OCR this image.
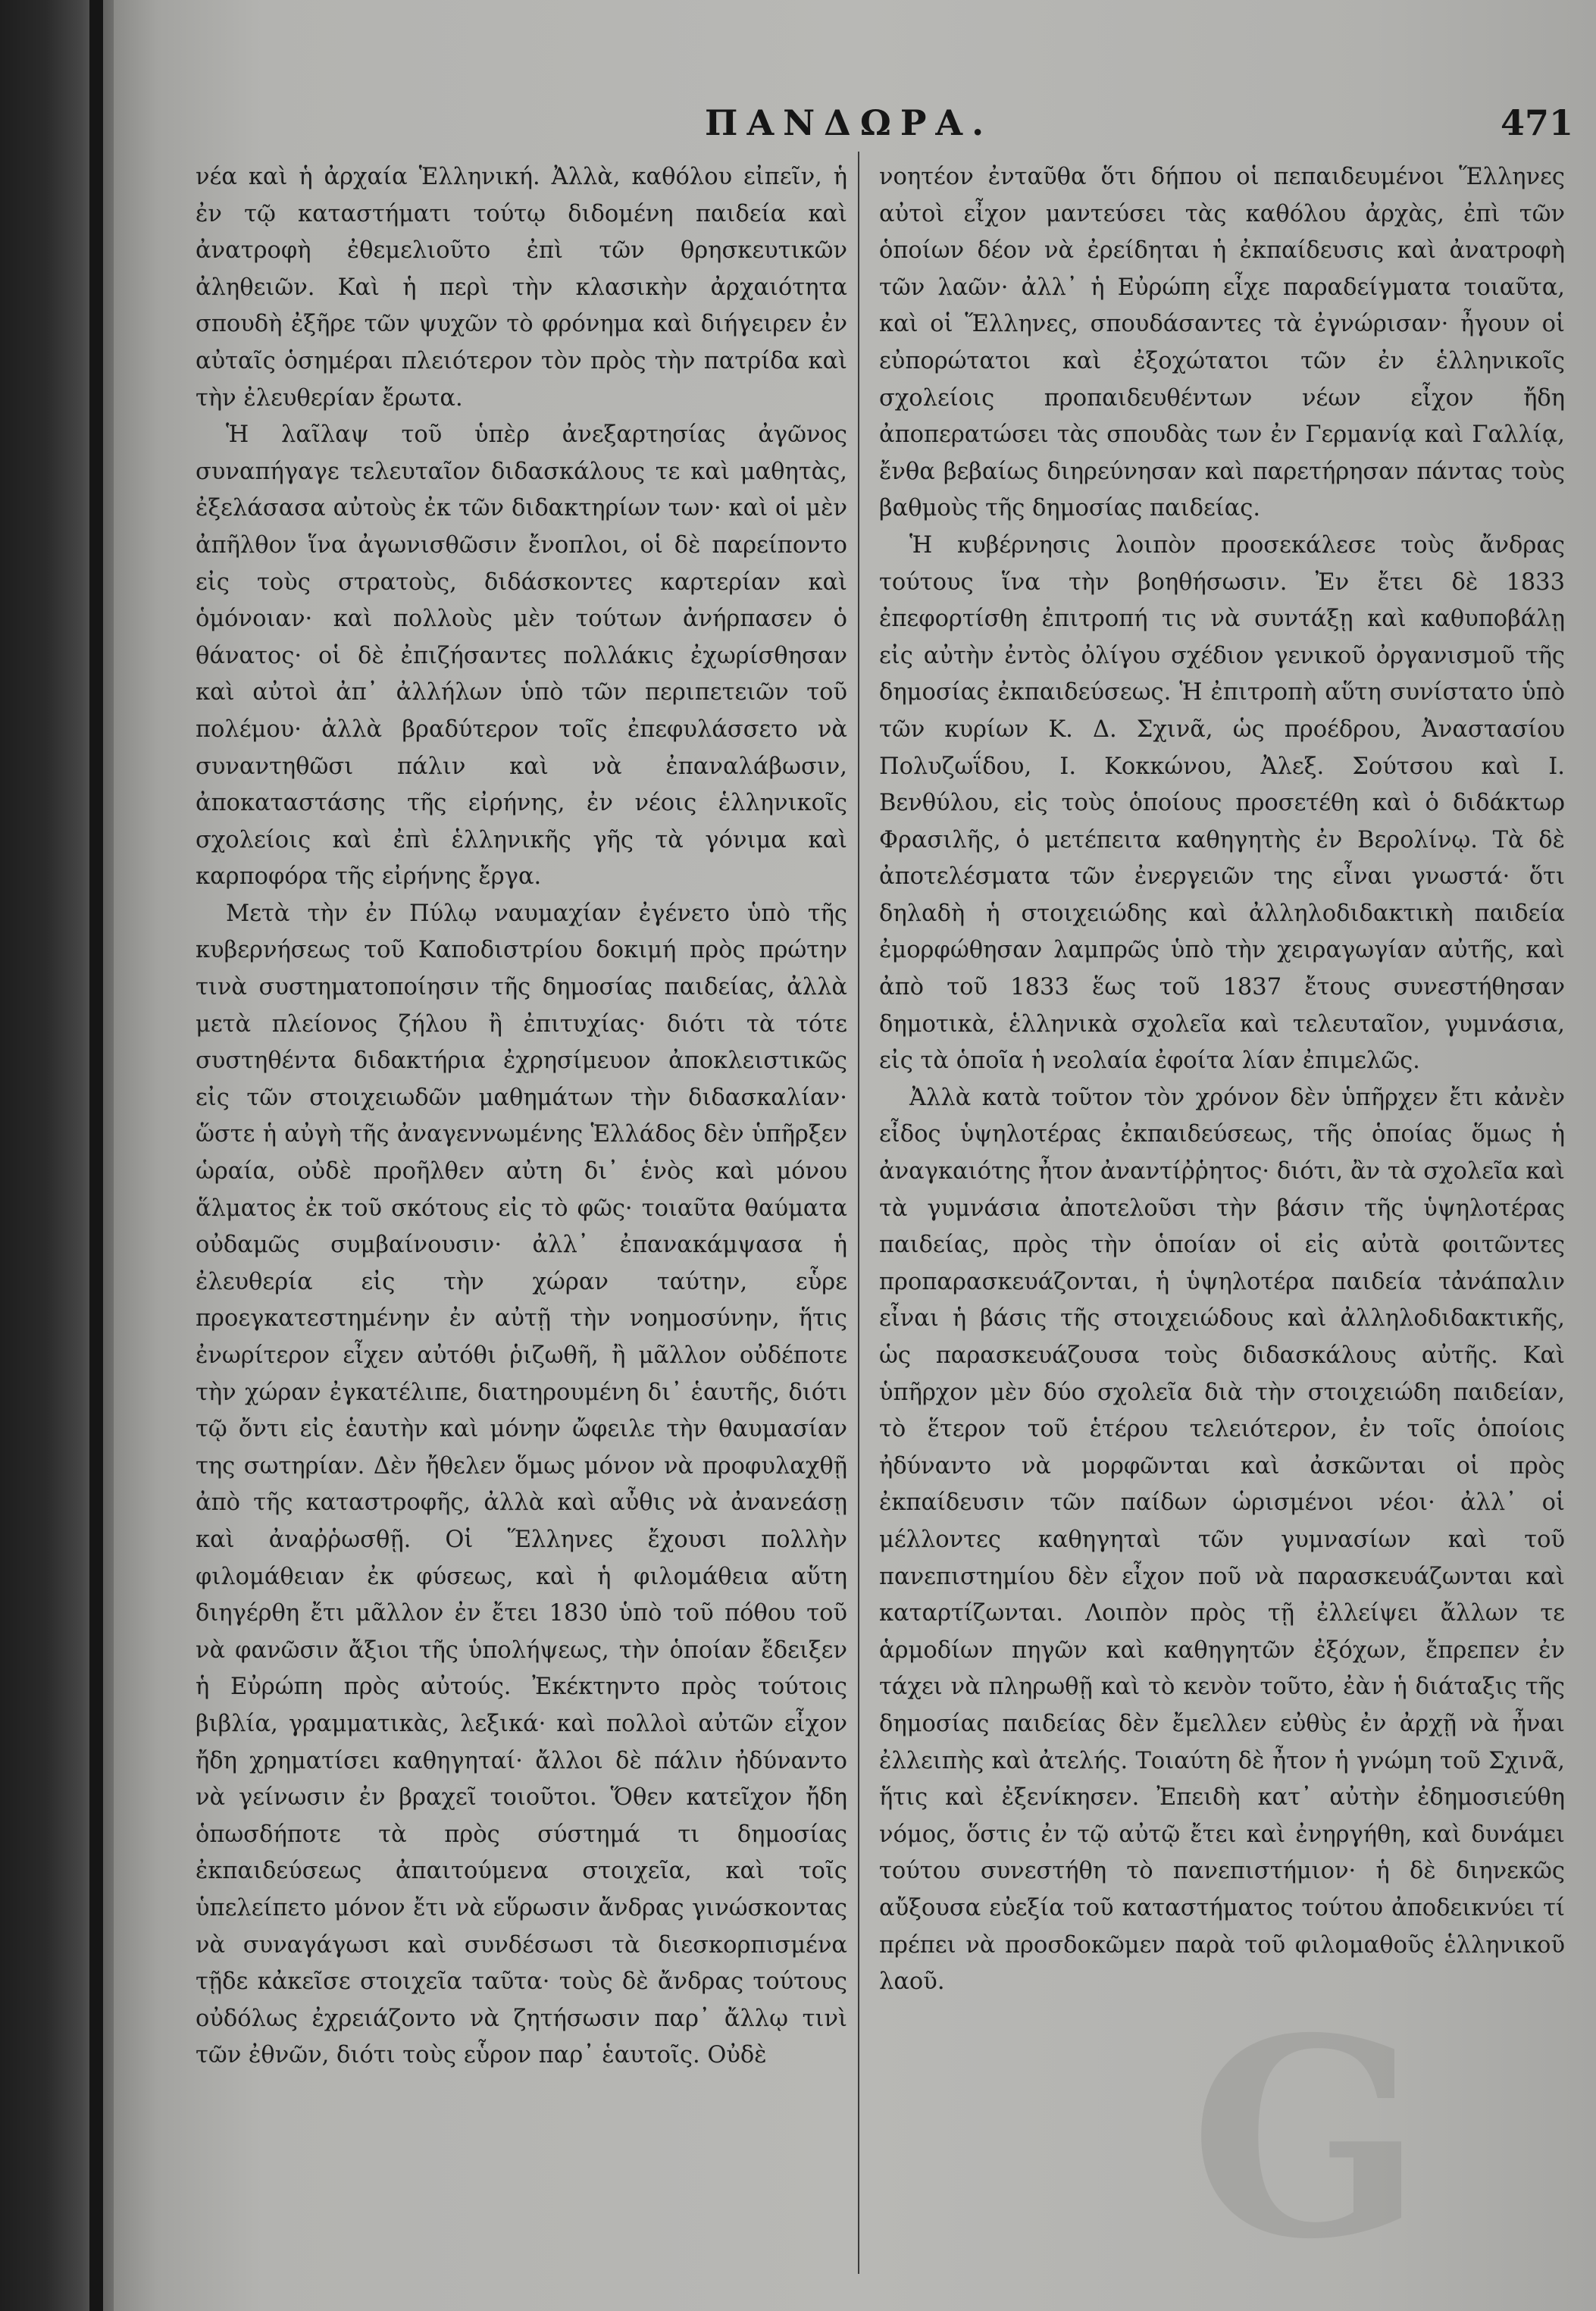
ΠΑΝΔΩΡΑ.	471

νέα καὶ ἡ ἀρχαία Ἑλληνική. Ἀλλὰ, καθόλου εἰπεῖν, ἡ ἐν τῷ καταστήματι τούτῳ διδομένη παιδεία καὶ ἀνατροφὴ ἐθεμελιοῦτο ἐπὶ τῶν θρησκευτικῶν ἀληθειῶν. Καὶ ἡ περὶ τὴν κλασικὴν ἀρχαιότητα σπουδὴ ἐξῆρε τῶν ψυχῶν τὸ φρόνημα καὶ διήγειρεν ἐν αὐταῖς ὁσημέραι πλειότερον τὸν πρὸς τὴν πατρίδα καὶ τὴν ἐλευθερίαν ἔρωτα.

Ἡ λαῖλαψ τοῦ ὑπὲρ ἀνεξαρτησίας ἀγῶνος συναπήγαγε τελευταῖον διδασκάλους τε καὶ μαθητὰς, ἐξελάσασα αὐτοὺς ἐκ τῶν διδακτηρίων των· καὶ οἱ μὲν ἀπῆλθον ἵνα ἀγωνισθῶσιν ἔνοπλοι, οἱ δὲ παρείποντο εἰς τοὺς στρατοὺς, διδάσκοντες καρτερίαν καὶ ὁμόνοιαν· καὶ πολλοὺς μὲν τούτων ἀνήρπασεν ὁ θάνατος· οἱ δὲ ἐπιζήσαντες πολλάκις ἐχωρίσθησαν καὶ αὐτοὶ ἀπ᾽ ἀλλήλων ὑπὸ τῶν περιπετειῶν τοῦ πολέμου· ἀλλὰ βραδύτερον τοῖς ἐπεφυλάσσετο νὰ συναντηθῶσι πάλιν καὶ νὰ ἐπαναλάβωσιν, ἀποκαταστάσης τῆς εἰρήνης, ἐν νέοις ἑλληνικοῖς σχολείοις καὶ ἐπὶ ἑλληνικῆς γῆς τὰ γόνιμα καὶ καρποφόρα τῆς εἰρήνης ἔργα.

Μετὰ τὴν ἐν Πύλῳ ναυμαχίαν ἐγένετο ὑπὸ τῆς κυβερνήσεως τοῦ Καποδιστρίου δοκιμή πρὸς πρώτην τινὰ συστηματοποίησιν τῆς δημοσίας παιδείας, ἀλλὰ μετὰ πλείονος ζήλου ἢ ἐπιτυχίας· διότι τὰ τότε συστηθέντα διδακτήρια ἐχρησίμευον ἀποκλειστικῶς εἰς τῶν στοιχειωδῶν μαθημάτων τὴν διδασκαλίαν· ὥστε ἡ αὐγὴ τῆς ἀναγεννωμένης Ἑλλάδος δὲν ὑπῆρξεν ὡραία, οὐδὲ προῆλθεν αὐτη δι᾽ ἑνὸς καὶ μόνου ἅλματος ἐκ τοῦ σκότους εἰς τὸ φῶς· τοιαῦτα θαύματα οὐδαμῶς συμβαίνουσιν· ἀλλ᾽ ἐπανακάμψασα ἡ ἐλευθερία εἰς τὴν χώραν ταύτην, εὗρε προεγκατεστημένην ἐν αὐτῇ τὴν νοημοσύνην, ἥτις ἐνωρίτερον εἶχεν αὐτόθι ῥιζωθῆ, ἢ μᾶλλον οὐδέποτε τὴν χώραν ἐγκατέλιπε, διατηρουμένη δι᾽ ἑαυτῆς, διότι τῷ ὄντι εἰς ἑαυτὴν καὶ μόνην ὤφειλε τὴν θαυμασίαν της σωτηρίαν. Δὲν ἤθελεν ὅμως μόνον νὰ προφυλαχθῇ ἀπὸ τῆς καταστροφῆς, ἀλλὰ καὶ αὖθις νὰ ἀνανεάσῃ καὶ ἀναῤῥωσθῇ. Οἱ Ἕλληνες ἔχουσι πολλὴν φιλομάθειαν ἐκ φύσεως, καὶ ἡ φιλομάθεια αὕτη διηγέρθη ἔτι μᾶλλον ἐν ἔτει 1830 ὑπὸ τοῦ πόθου τοῦ νὰ φανῶσιν ἄξιοι τῆς ὑπολήψεως, τὴν ὁποίαν ἔδειξεν ἡ Εὐρώπη πρὸς αὐτούς. Ἐκέκτηντο πρὸς τούτοις βιβλία, γραμματικὰς, λεξικά· καὶ πολλοὶ αὐτῶν εἶχον ἤδη χρηματίσει καθηγηταί· ἄλλοι δὲ πάλιν ἠδύναντο νὰ γείνωσιν ἐν βραχεῖ τοιοῦτοι. Ὅθεν κατεῖχον ἤδη ὁπωσδήποτε τὰ πρὸς σύστημά τι δημοσίας ἐκπαιδεύσεως ἀπαιτούμενα στοιχεῖα, καὶ τοῖς ὑπελείπετο μόνον ἔτι νὰ εὕρωσιν ἄνδρας γινώσκοντας νὰ συναγάγωσι καὶ συνδέσωσι τὰ διεσκορπισμένα τῇδε κἀκεῖσε στοιχεῖα ταῦτα· τοὺς δὲ ἄνδρας τούτους οὐδόλως ἐχρειάζοντο νὰ ζητήσωσιν παρ᾽ ἄλλῳ τινὶ τῶν ἐθνῶν, διότι τοὺς εὗρον παρ᾽ ἑαυτοῖς. Οὐδὲ

νοητέον ἐνταῦθα ὅτι δήπου οἱ πεπαιδευμένοι Ἕλληνες αὐτοὶ εἶχον μαντεύσει τὰς καθόλου ἀρχὰς, ἐπὶ τῶν ὁποίων δέον νὰ ἐρείδηται ἡ ἐκπαίδευσις καὶ ἀνατροφὴ τῶν λαῶν· ἀλλ᾽ ἡ Εὐρώπη εἶχε παραδείγματα τοιαῦτα, καὶ οἱ Ἕλληνες, σπουδάσαντες τὰ ἐγνώρισαν· ἦγουν οἱ εὐπορώτατοι καὶ ἐξοχώτατοι τῶν ἐν ἑλληνικοῖς σχολείοις προπαιδευθέντων νέων εἶχον ἤδη ἀποπερατώσει τὰς σπουδὰς των ἐν Γερμανίᾳ καὶ Γαλλίᾳ, ἔνθα βεβαίως διηρεύνησαν καὶ παρετήρησαν πάντας τοὺς βαθμοὺς τῆς δημοσίας παιδείας.

Ἡ κυβέρνησις λοιπὸν προσεκάλεσε τοὺς ἄνδρας τούτους ἵνα τὴν βοηθήσωσιν. Ἐν ἔτει δὲ 1833 ἐπεφορτίσθη ἐπιτροπή τις νὰ συντάξῃ καὶ καθυποβάλῃ εἰς αὐτὴν ἐντὸς ὀλίγου σχέδιον γενικοῦ ὀργανισμοῦ τῆς δημοσίας ἐκπαιδεύσεως. Ἡ ἐπιτροπὴ αὕτη συνίστατο ὑπὸ τῶν κυρίων Κ. Δ. Σχινᾶ, ὡς προέδρου, Ἀναστασίου Πολυζωΐδου, Ι. Κοκκώνου, Ἀλεξ. Σούτσου καὶ Ι. Βενθύλου, εἰς τοὺς ὁποίους προσετέθη καὶ ὁ διδάκτωρ Φρασιλῆς, ὁ μετέπειτα καθηγητὴς ἐν Βερολίνῳ. Τὰ δὲ ἀποτελέσματα τῶν ἐνεργειῶν της εἶναι γνωστά· ὅτι δηλαδὴ ἡ στοιχειώδης καὶ ἀλληλοδιδακτικὴ παιδεία ἐμορφώθησαν λαμπρῶς ὑπὸ τὴν χειραγωγίαν αὐτῆς, καὶ ἀπὸ τοῦ 1833 ἕως τοῦ 1837 ἔτους συνεστήθησαν δημοτικὰ, ἑλληνικὰ σχολεῖα καὶ τελευταῖον, γυμνάσια, εἰς τὰ ὁποῖα ἡ νεολαία ἐφοίτα λίαν ἐπιμελῶς.

Ἀλλὰ κατὰ τοῦτον τὸν χρόνον δὲν ὑπῆρχεν ἔτι κἀνὲν εἶδος ὑψηλοτέρας ἐκπαιδεύσεως, τῆς ὁποίας ὅμως ἡ ἀναγκαιότης ἦτον ἀναντίῤῥητος· διότι, ἂν τὰ σχολεῖα καὶ τὰ γυμνάσια ἀποτελοῦσι τὴν βάσιν τῆς ὑψηλοτέρας παιδείας, πρὸς τὴν ὁποίαν οἱ εἰς αὐτὰ φοιτῶντες προπαρασκευάζονται, ἡ ὑψηλοτέρα παιδεία τἀνάπαλιν εἶναι ἡ βάσις τῆς στοιχειώδους καὶ ἀλληλοδιδακτικῆς, ὡς παρασκευάζουσα τοὺς διδασκάλους αὐτῆς. Καὶ ὑπῆρχον μὲν δύο σχολεῖα διὰ τὴν στοιχειώδη παιδείαν, τὸ ἕτερον τοῦ ἑτέρου τελειότερον, ἐν τοῖς ὁποίοις ἠδύναντο νὰ μορφῶνται καὶ ἀσκῶνται οἱ πρὸς ἐκπαίδευσιν τῶν παίδων ὡρισμένοι νέοι· ἀλλ᾽ οἱ μέλλοντες καθηγηταὶ τῶν γυμνασίων καὶ τοῦ πανεπιστημίου δὲν εἶχον ποῦ νὰ παρασκευάζωνται καὶ καταρτίζωνται. Λοιπὸν πρὸς τῇ ἐλλείψει ἄλλων τε ἁρμοδίων πηγῶν καὶ καθηγητῶν ἐξόχων, ἔπρεπεν ἐν τάχει νὰ πληρωθῇ καὶ τὸ κενὸν τοῦτο, ἐὰν ἡ διάταξις τῆς δημοσίας παιδείας δὲν ἔμελλεν εὐθὺς ἐν ἀρχῇ νὰ ἦναι ἐλλειπὴς καὶ ἀτελής. Τοιαύτη δὲ ἦτον ἡ γνώμη τοῦ Σχινᾶ, ἥτις καὶ ἐξενίκησεν. Ἐπειδὴ κατ᾽ αὐτὴν ἐδημοσιεύθη νόμος, ὅστις ἐν τῷ αὐτῷ ἔτει καὶ ἐνηργήθη, καὶ δυνάμει τούτου συνεστήθη τὸ πανεπιστήμιον· ἡ δὲ διηνεκῶς αὔξουσα εὐεξία τοῦ καταστήματος τούτου ἀποδεικνύει τί πρέπει νὰ προσδοκῶμεν παρὰ τοῦ φιλομαθοῦς ἑλληνικοῦ λαοῦ. G
